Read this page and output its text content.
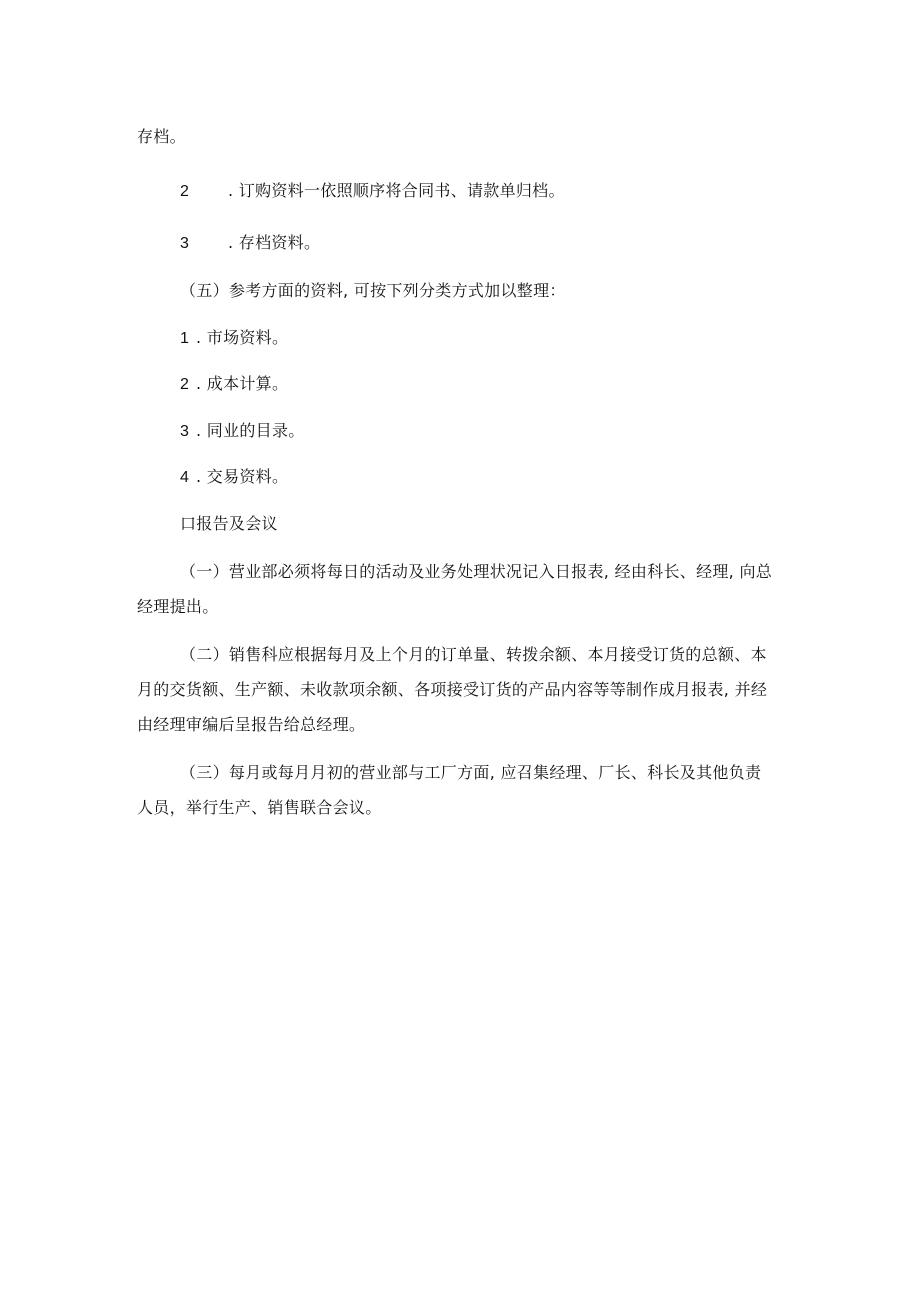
存档。
2 . 订购资料一依照顺序将合同书、请款单归档。
3 . 存档资料。
（五）参考方面的资料, 可按下列分类方式加以整理：
1 . 市场资料。
2 . 成本计算。
3 . 同业的目录。
4 . 交易资料。
口报告及会议
（一）营业部必须将每日的活动及业务处理状况记入日报表, 经由科长、经理, 向总
经理提出。
（二）销售科应根据每月及上个月的订单量、转拨余额、本月接受订货的总额、本
月的交货额、生产额、未收款项余额、各项接受订货的产品内容等等制作成月报表, 并经
由经理审编后呈报告给总经理。
（三）每月或每月月初的营业部与工厂方面, 应召集经理、厂长、科长及其他负责
人员，举行生产、销售联合会议。
